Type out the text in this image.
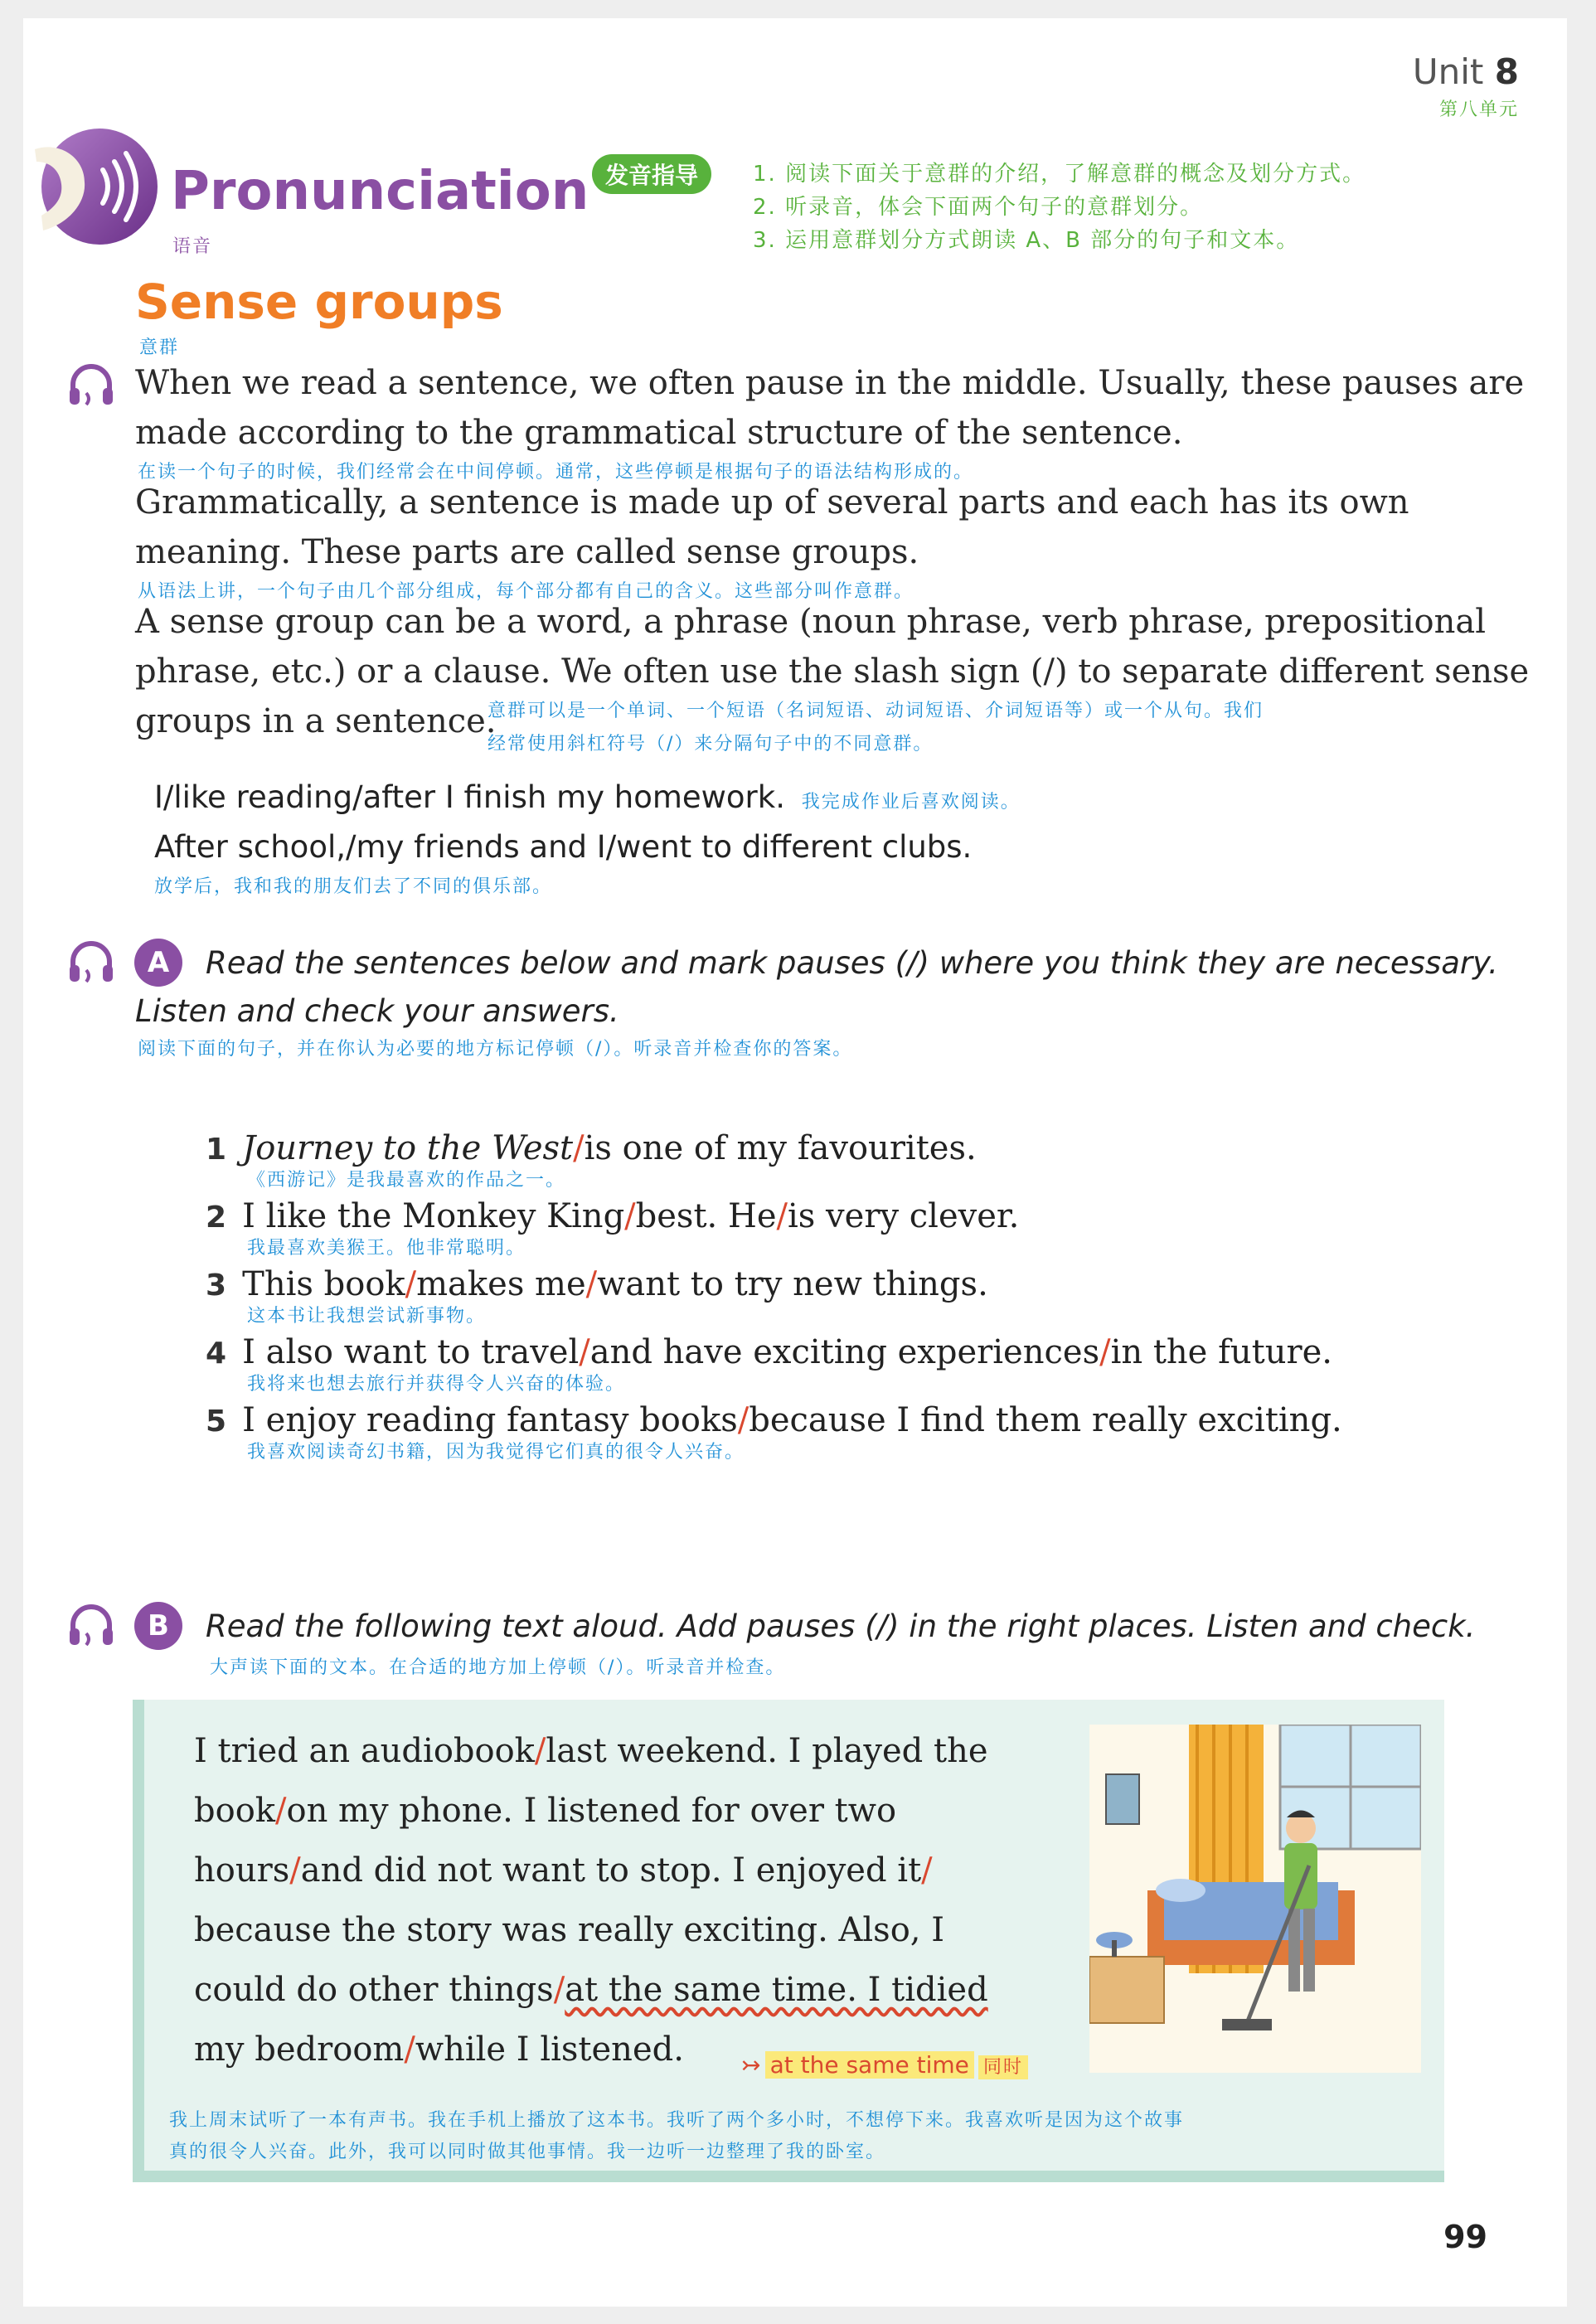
Unit 8
第八单元
Pronunciation
语音
发音指导	1. 阅读下面关于意群的介绍，了解意群的概念及划分方式。
2. 听录音，体会下面两个句子的意群划分。
3. 运用意群划分方式朗读 A、B 部分的句子和文本。
Sense groups
意群
When we read a sentence, we often pause in the middle. Usually, these pauses are
made according to the grammatical structure of the sentence.
在读一个句子的时候，我们经常会在中间停顿。通常，这些停顿是根据句子的语法结构形成的。
Grammatically, a sentence is made up of several parts and each has its own
meaning. These parts are called sense groups.
从语法上讲，一个句子由几个部分组成，每个部分都有自己的含义。这些部分叫作意群。
A sense group can be a word, a phrase (noun phrase, verb phrase, prepositional
phrase, etc.) or a clause. We often use the slash sign (/) to separate different sense
groups in a sentence.
意群可以是一个单词、一个短语（名词短语、动词短语、介词短语等）或一个从句。我们
经常使用斜杠符号（/）来分隔句子中的不同意群。
I/like reading/after I finish my homework. 我完成作业后喜欢阅读。
After school,/my friends and I/went to different clubs.
放学后，我和我的朋友们去了不同的俱乐部。
A	Read the sentences below and mark pauses (/) where you think they are necessary.
Listen and check your answers.
阅读下面的句子，并在你认为必要的地方标记停顿（/）。听录音并检查你的答案。
1 Journey to the West/is one of my favourites.
《西游记》是我最喜欢的作品之一。
2 I like the Monkey King/best. He/is very clever.
我最喜欢美猴王。他非常聪明。
3 This book/makes me/want to try new things.
这本书让我想尝试新事物。
4 I also want to travel/and have exciting experiences/in the future.
我将来也想去旅行并获得令人兴奋的体验。
5 I enjoy reading fantasy books/because I find them really exciting.
我喜欢阅读奇幻书籍，因为我觉得它们真的很令人兴奋。
B	Read the following text aloud. Add pauses (/) in the right places. Listen and check.
大声读下面的文本。在合适的地方加上停顿（/）。听录音并检查。
I tried an audiobook/last weekend. I played the
book/on my phone. I listened for over two
hours/and did not want to stop. I enjoyed it/
because the story was really exciting. Also, I
could do other things/at the same time. I tidied
my bedroom/while I listened. ↣ at the same time 同时
我上周末试听了一本有声书。我在手机上播放了这本书。我听了两个多小时，不想停下来。我喜欢听是因为这个故事
真的很令人兴奋。此外，我可以同时做其他事情。我一边听一边整理了我的卧室。
99
